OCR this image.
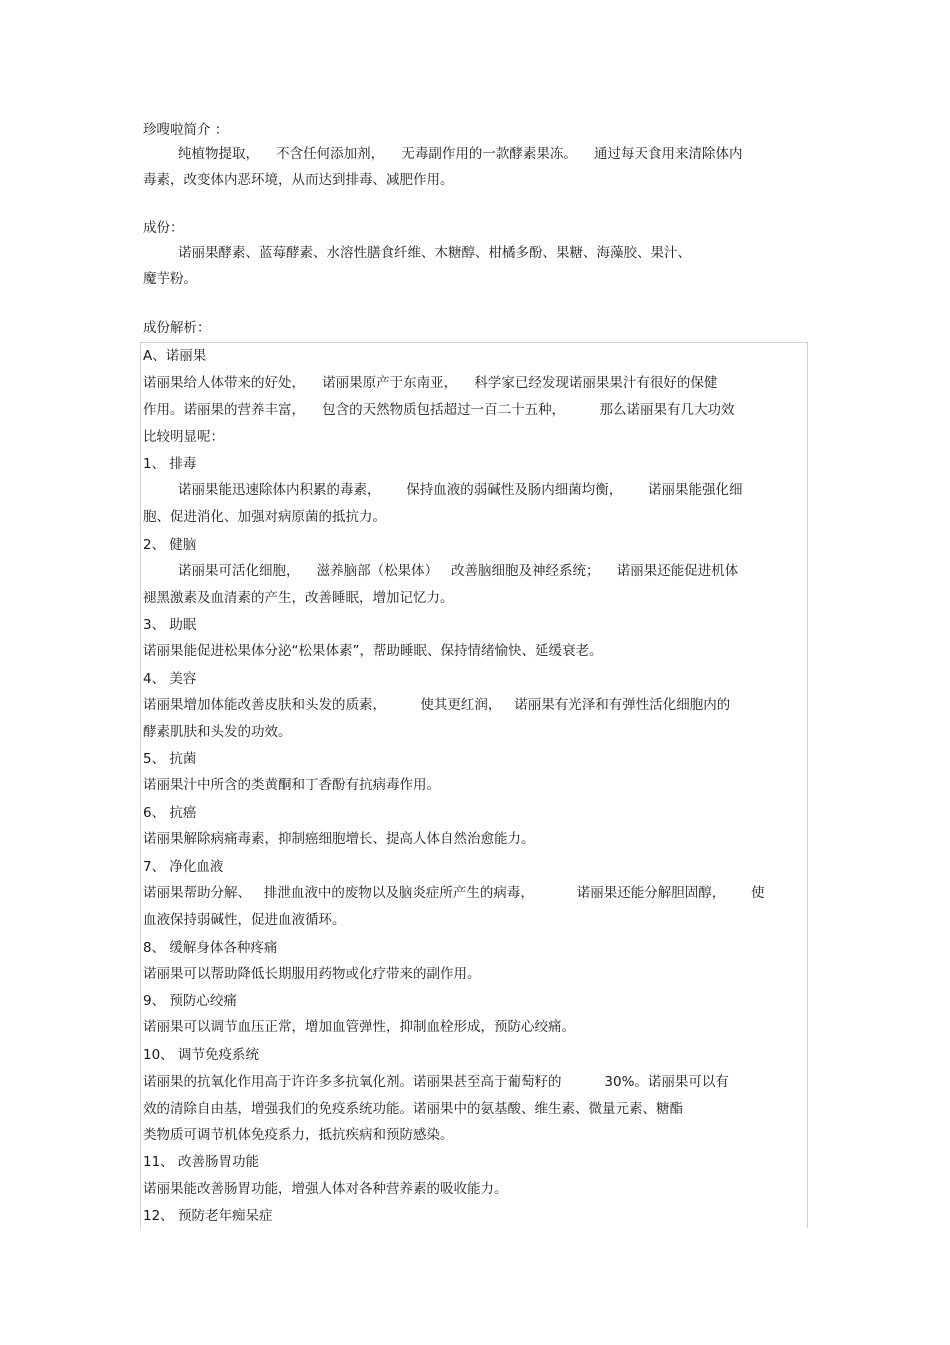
珍嗖啦简介 ：
纯植物提取，    不含任何添加剂，    无毒副作用的一款酵素果冻。    通过每天食用来清除体内
毒素，改变体内恶环境，从而达到排毒、减肥作用。
成份：
诺丽果酵素、蓝莓酵素、水溶性膳食纤维、木糖醇、柑橘多酚、果糖、海藻胶、果汁、
魔芋粉。
成份解析：
A、诺丽果
诺丽果给人体带来的好处，    诺丽果原产于东南亚，    科学家已经发现诺丽果果汁有很好的保健
作用。诺丽果的营养丰富，    包含的天然物质包括超过一百二十五种，        那么诺丽果有几大功效
比较明显呢：
1、 排毒
诺丽果能迅速除体内积累的毒素，      保持血液的弱碱性及肠内细菌均衡，      诺丽果能强化细
胞、促进消化、加强对病原菌的抵抗力。
2、 健脑
诺丽果可活化细胞，    滋养脑部（松果体）   改善脑细胞及神经系统；    诺丽果还能促进机体
褪黑激素及血清素的产生，改善睡眠，增加记忆力。
3、 助眠
诺丽果能促进松果体分泌“松果体素”，帮助睡眠、保持情绪愉快、延缓衰老。
4、 美容
诺丽果增加体能改善皮肤和头发的质素，        使其更红润，   诺丽果有光泽和有弹性活化细胞内的
酵素肌肤和头发的功效。
5、 抗菌
诺丽果汁中所含的类黄酮和丁香酚有抗病毒作用。
6、 抗癌
诺丽果解除病痛毒素，抑制癌细胞增长、提高人体自然治愈能力。
7、 净化血液
诺丽果帮助分解、   排泄血液中的废物以及脑炎症所产生的病毒，          诺丽果还能分解胆固醇，      使
血液保持弱碱性，促进血液循环。
8、 缓解身体各种疼痛
诺丽果可以帮助降低长期服用药物或化疗带来的副作用。
9、 预防心绞痛
诺丽果可以调节血压正常，增加血管弹性，抑制血栓形成，预防心绞痛。
10、 调节免疫系统
诺丽果的抗氧化作用高于许许多多抗氧化剂。诺丽果甚至高于葡萄籽的          30%。诺丽果可以有
效的清除自由基，增强我们的免疫系统功能。诺丽果中的氨基酸、维生素、微量元素、糖酯
类物质可调节机体免疫系力，抵抗疾病和预防感染。
11、 改善肠胃功能
诺丽果能改善肠胃功能，增强人体对各种营养素的吸收能力。
12、 预防老年痴呆症
